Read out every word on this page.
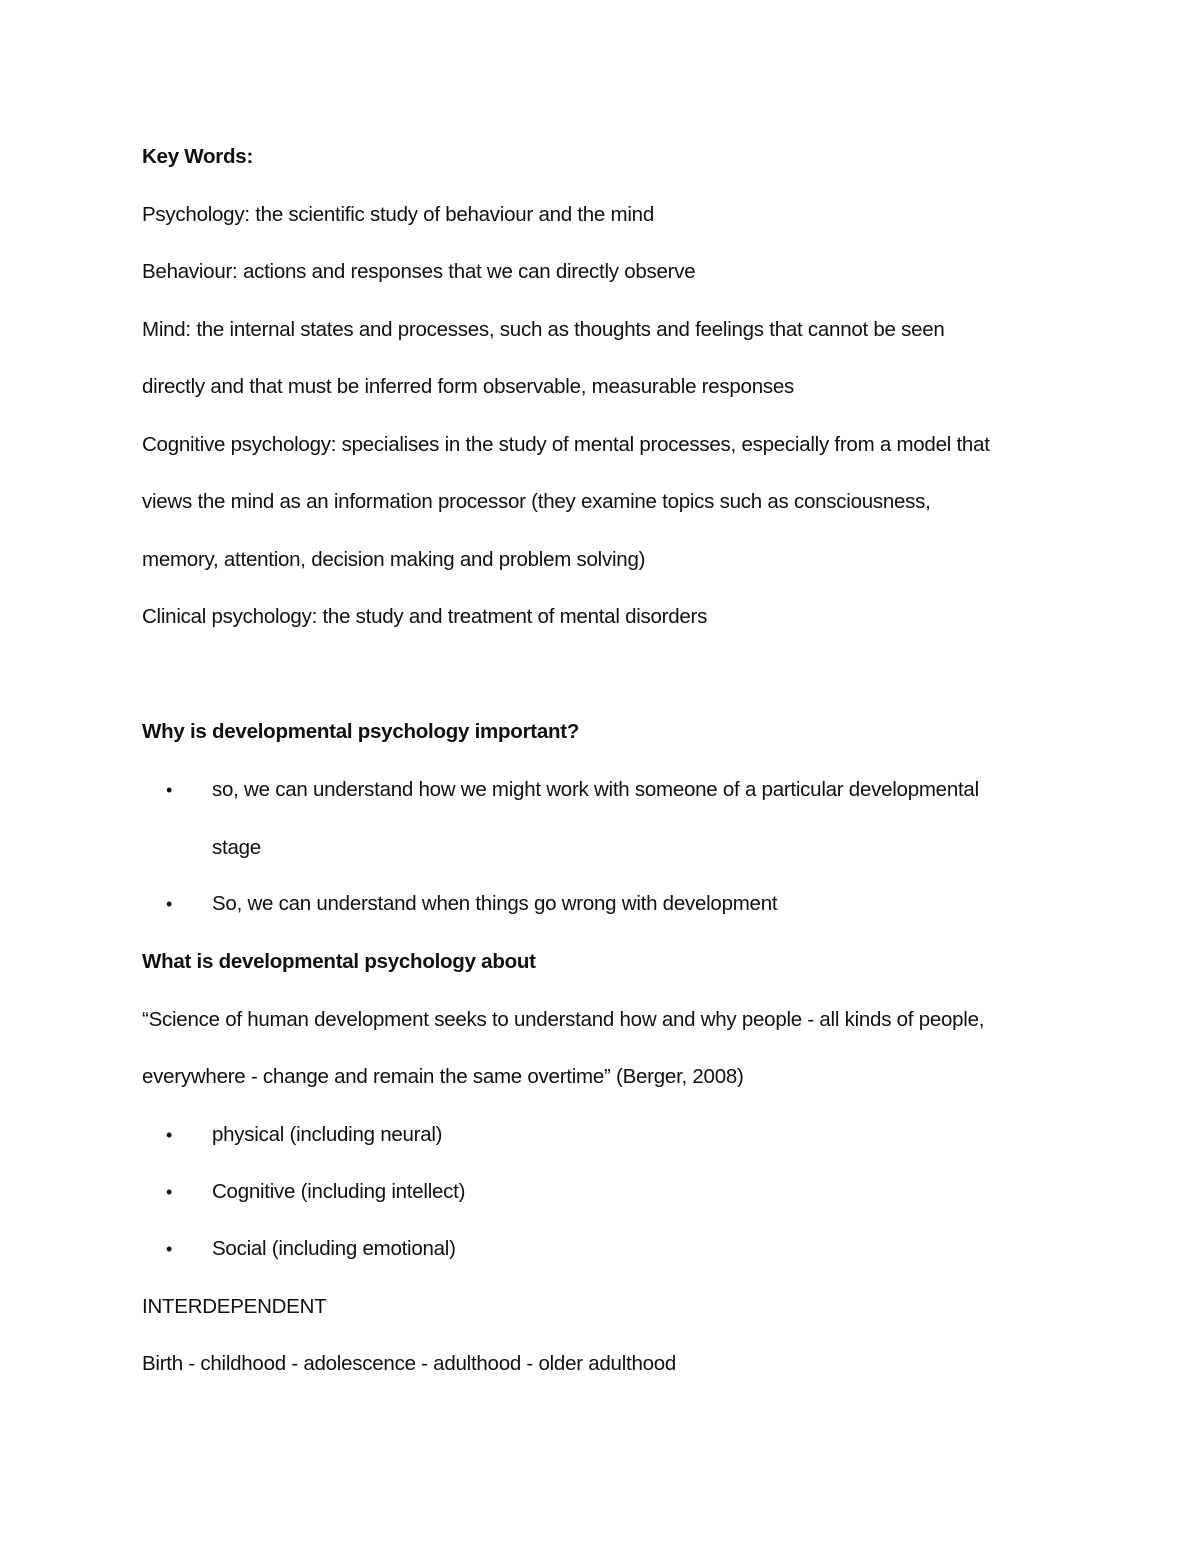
Key Words:
Psychology: the scientific study of behaviour and the mind
Behaviour: actions and responses that we can directly observe
Mind: the internal states and processes, such as thoughts and feelings that cannot be seen
directly and that must be inferred form observable, measurable responses
Cognitive psychology: specialises in the study of mental processes, especially from a model that
views the mind as an information processor (they examine topics such as consciousness,
memory, attention, decision making and problem solving)
Clinical psychology: the study and treatment of mental disorders
Why is developmental psychology important?
• so, we can understand how we might work with someone of a particular developmental
stage
• So, we can understand when things go wrong with development
What is developmental psychology about
“Science of human development seeks to understand how and why people - all kinds of people,
everywhere - change and remain the same overtime” (Berger, 2008)
• physical (including neural)
• Cognitive (including intellect)
• Social (including emotional)
INTERDEPENDENT
Birth - childhood - adolescence - adulthood - older adulthood
